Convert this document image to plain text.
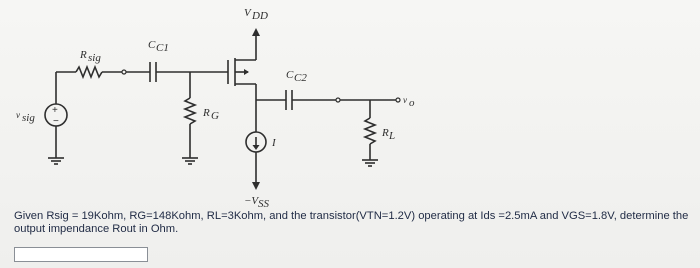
+
−
v sig
R sig
C C1
R G
V DD
C C2
v o
R L
I
−V SS
Given Rsig = 19Kohm, RG=148Kohm, RL=3Kohm, and the transistor(VTN=1.2V) operating at Ids =2.5mA and VGS=1.8V, determine the output impendance Rout in Ohm.
